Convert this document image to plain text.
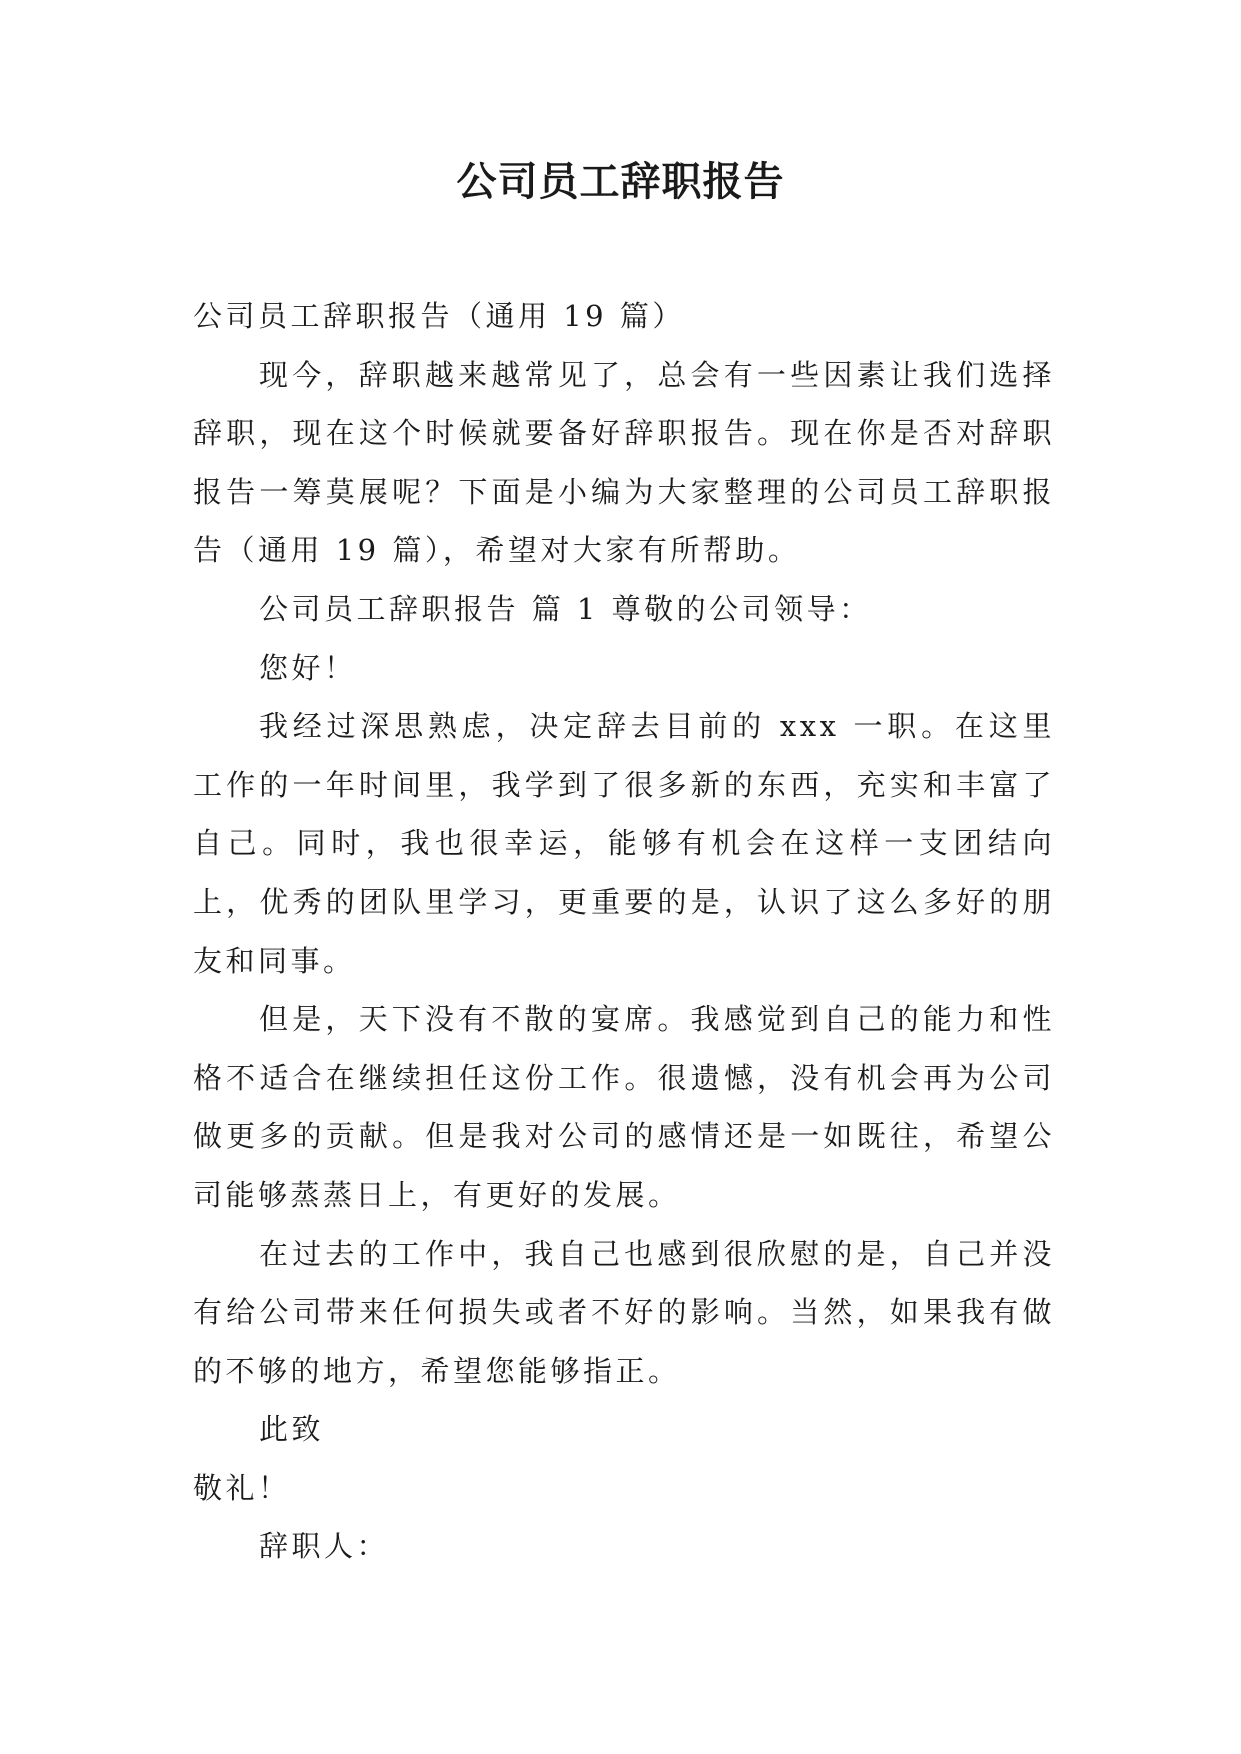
公司员工辞职报告

公司员工辞职报告（通用 19 篇）

现今，辞职越来越常见了，总会有一些因素让我们选择辞职，现在这个时候就要备好辞职报告。现在你是否对辞职报告一筹莫展呢？下面是小编为大家整理的公司员工辞职报告（通用 19 篇），希望对大家有所帮助。

公司员工辞职报告 篇 1 尊敬的公司领导：

您好！

我经过深思熟虑，决定辞去目前的 xxx 一职。在这里工作的一年时间里，我学到了很多新的东西，充实和丰富了自己。同时，我也很幸运，能够有机会在这样一支团结向上，优秀的团队里学习，更重要的是，认识了这么多好的朋友和同事。

但是，天下没有不散的宴席。我感觉到自己的能力和性格不适合在继续担任这份工作。很遗憾，没有机会再为公司做更多的贡献。但是我对公司的感情还是一如既往，希望公司能够蒸蒸日上，有更好的发展。

在过去的工作中，我自己也感到很欣慰的是，自己并没有给公司带来任何损失或者不好的影响。当然，如果我有做的不够的地方，希望您能够指正。

此致

敬礼！

辞职人：
